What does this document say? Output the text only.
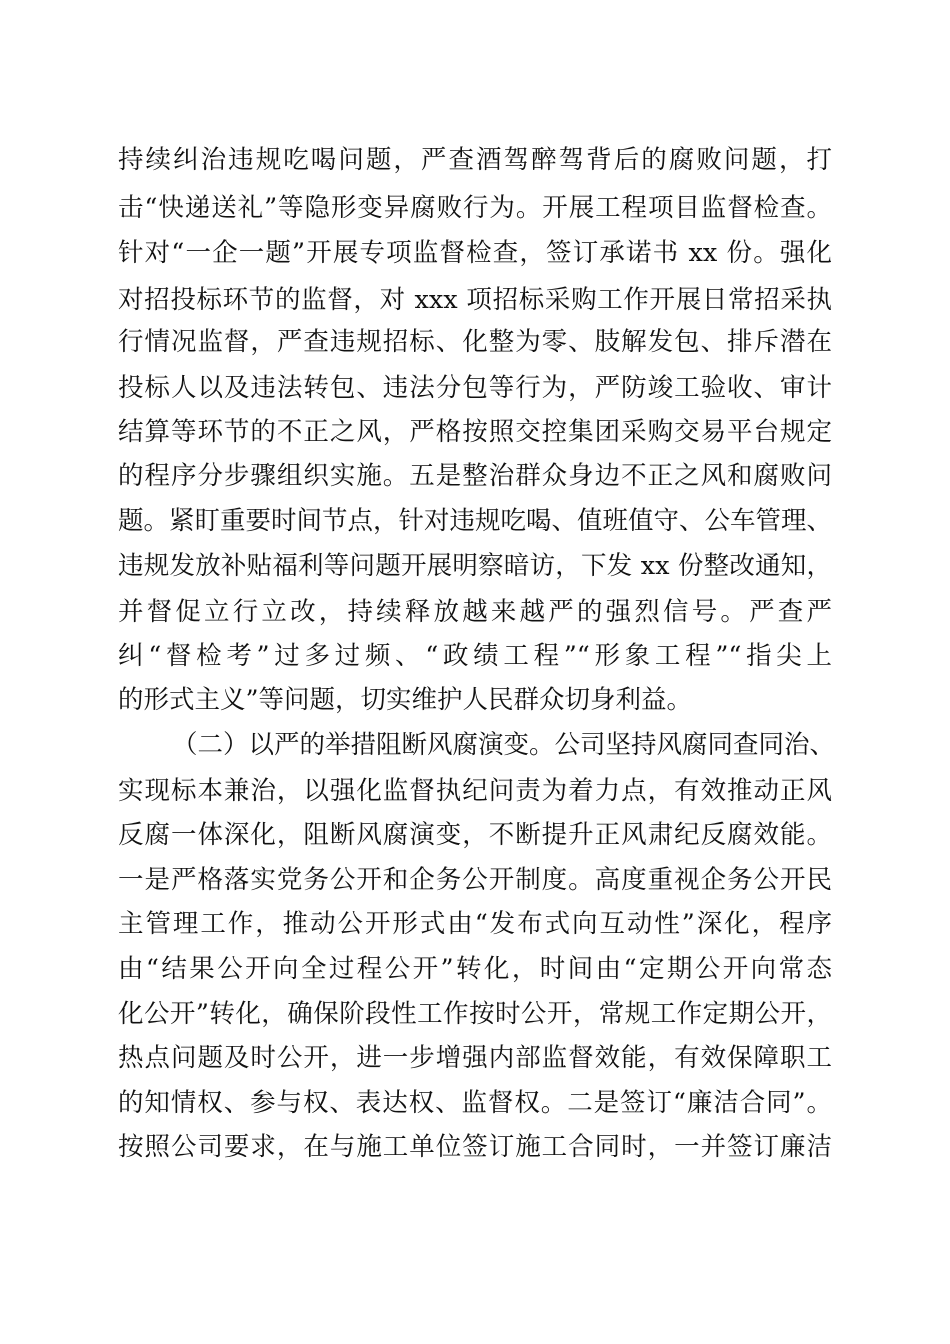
持续纠治违规吃喝问题，严查酒驾醉驾背后的腐败问题，打
击“快递送礼”等隐形变异腐败行为。开展工程项目监督检查。
针对“一企一题”开展专项监督检查，签订承诺书 xx 份。强化
对招投标环节的监督，对 xxx 项招标采购工作开展日常招采执
行情况监督，严查违规招标、化整为零、肢解发包、排斥潜在
投标人以及违法转包、违法分包等行为，严防竣工验收、审计
结算等环节的不正之风，严格按照交控集团采购交易平台规定
的程序分步骤组织实施。五是整治群众身边不正之风和腐败问
题。紧盯重要时间节点，针对违规吃喝、值班值守、公车管理、
违规发放补贴福利等问题开展明察暗访，下发 xx 份整改通知，
并督促立行立改，持续释放越来越严的强烈信号。严查严
纠“督检考”过多过频、“政绩工程”“形象工程”“指尖上
的形式主义”等问题，切实维护人民群众切身利益。
（二）以严的举措阻断风腐演变。公司坚持风腐同查同治、
实现标本兼治，以强化监督执纪问责为着力点，有效推动正风
反腐一体深化，阻断风腐演变，不断提升正风肃纪反腐效能。
一是严格落实党务公开和企务公开制度。高度重视企务公开民
主管理工作，推动公开形式由“发布式向互动性”深化，程序
由“结果公开向全过程公开”转化，时间由“定期公开向常态
化公开”转化，确保阶段性工作按时公开，常规工作定期公开，
热点问题及时公开，进一步增强内部监督效能，有效保障职工
的知情权、参与权、表达权、监督权。二是签订“廉洁合同”。
按照公司要求，在与施工单位签订施工合同时，一并签订廉洁
